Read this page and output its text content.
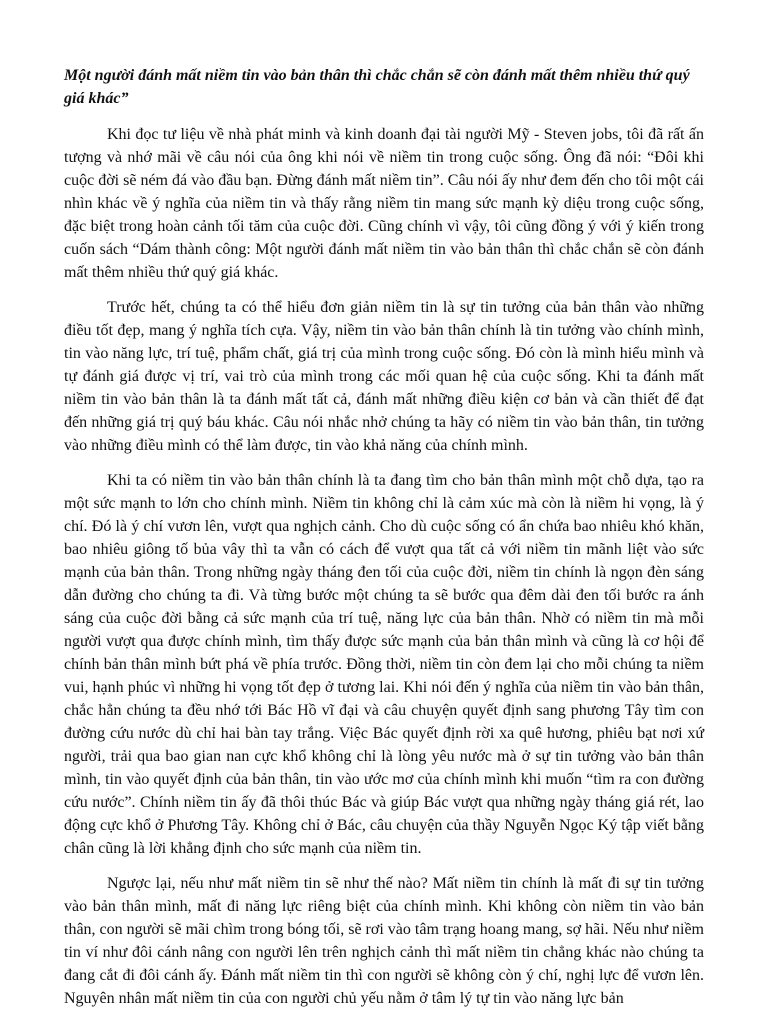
Một người đánh mất niềm tin vào bản thân thì chắc chắn sẽ còn đánh mất thêm nhiều thứ quý giá khác”

Khi đọc tư liệu về nhà phát minh và kinh doanh đại tài người Mỹ - Steven jobs, tôi đã rất ấn tượng và nhớ mãi về câu nói của ông khi nói về niềm tin trong cuộc sống. Ông đã nói: “Đôi khi cuộc đời sẽ ném đá vào đầu bạn. Đừng đánh mất niềm tin”. Câu nói ấy như đem đến cho tôi một cái nhìn khác về ý nghĩa của niềm tin và thấy rằng niềm tin mang sức mạnh kỳ diệu trong cuộc sống, đặc biệt trong hoàn cảnh tối tăm của cuộc đời. Cũng chính vì vậy, tôi cũng đồng ý với ý kiến trong cuốn sách “Dám thành công: Một người đánh mất niềm tin vào bản thân thì chắc chắn sẽ còn đánh mất thêm nhiều thứ quý giá khác.

Trước hết, chúng ta có thể hiểu đơn giản niềm tin là sự tin tưởng của bản thân vào những điều tốt đẹp, mang ý nghĩa tích cựa. Vậy, niềm tin vào bản thân chính là tin tưởng vào chính mình, tin vào năng lực, trí tuệ, phẩm chất, giá trị của mình trong cuộc sống. Đó còn là mình hiểu mình và tự đánh giá được vị trí, vai trò của mình trong các mối quan hệ của cuộc sống. Khi ta đánh mất niềm tin vào bản thân là ta đánh mất tất cả, đánh mất những điều kiện cơ bản và cần thiết để đạt đến những giá trị quý báu khác. Câu nói nhắc nhở chúng ta hãy có niềm tin vào bản thân, tin tưởng vào những điều mình có thể làm được, tin vào khả năng của chính mình.

Khi ta có niềm tin vào bản thân chính là ta đang tìm cho bản thân mình một chỗ dựa, tạo ra một sức mạnh to lớn cho chính mình. Niềm tin không chỉ là cảm xúc mà còn là niềm hi vọng, là ý chí. Đó là ý chí vươn lên, vượt qua nghịch cảnh. Cho dù cuộc sống có ẩn chứa bao nhiêu khó khăn, bao nhiêu giông tố bủa vây thì ta vẫn có cách để vượt qua tất cả với niềm tin mãnh liệt vào sức mạnh của bản thân. Trong những ngày tháng đen tối của cuộc đời, niềm tin chính là ngọn đèn sáng dẫn đường cho chúng ta đi. Và từng bước một chúng ta sẽ bước qua đêm dài đen tối bước ra ánh sáng của cuộc đời bằng cả sức mạnh của trí tuệ, năng lực của bản thân. Nhờ có niềm tin mà mỗi người vượt qua được chính mình, tìm thấy được sức mạnh của bản thân mình và cũng là cơ hội để chính bản thân mình bứt phá về phía trước. Đồng thời, niềm tin còn đem lại cho mỗi chúng ta niềm vui, hạnh phúc vì những hi vọng tốt đẹp ở tương lai. Khi nói đến ý nghĩa của niềm tin vào bản thân, chắc hẳn chúng ta đều nhớ tới Bác Hồ vĩ đại và câu chuyện quyết định sang phương Tây tìm con đường cứu nước dù chỉ hai bàn tay trắng. Việc Bác quyết định rời xa quê hương, phiêu bạt nơi xứ người, trải qua bao gian nan cực khổ không chỉ là lòng yêu nước mà ở sự tin tưởng vào bản thân mình, tin vào quyết định của bản thân, tin vào ước mơ của chính mình khi muốn “tìm ra con đường cứu nước”. Chính niềm tin ấy đã thôi thúc Bác và giúp Bác vượt qua những ngày tháng giá rét, lao động cực khổ ở Phương Tây. Không chỉ ở Bác, câu chuyện của thầy Nguyễn Ngọc Ký tập viết bằng chân cũng là lời khẳng định cho sức mạnh của niềm tin.

Ngược lại, nếu như mất niềm tin sẽ như thế nào? Mất niềm tin chính là mất đi sự tin tưởng vào bản thân mình, mất đi năng lực riêng biệt của chính mình. Khi không còn niềm tin vào bản thân, con người sẽ mãi chìm trong bóng tối, sẽ rơi vào tâm trạng hoang mang, sợ hãi. Nếu như niềm tin ví như đôi cánh nâng con người lên trên nghịch cảnh thì mất niềm tin chẳng khác nào chúng ta đang cắt đi đôi cánh ấy. Đánh mất niềm tin thì con người sẽ không còn ý chí, nghị lực để vươn lên. Nguyên nhân mất niềm tin của con người chủ yếu nằm ở tâm lý tự tin vào năng lực bản
